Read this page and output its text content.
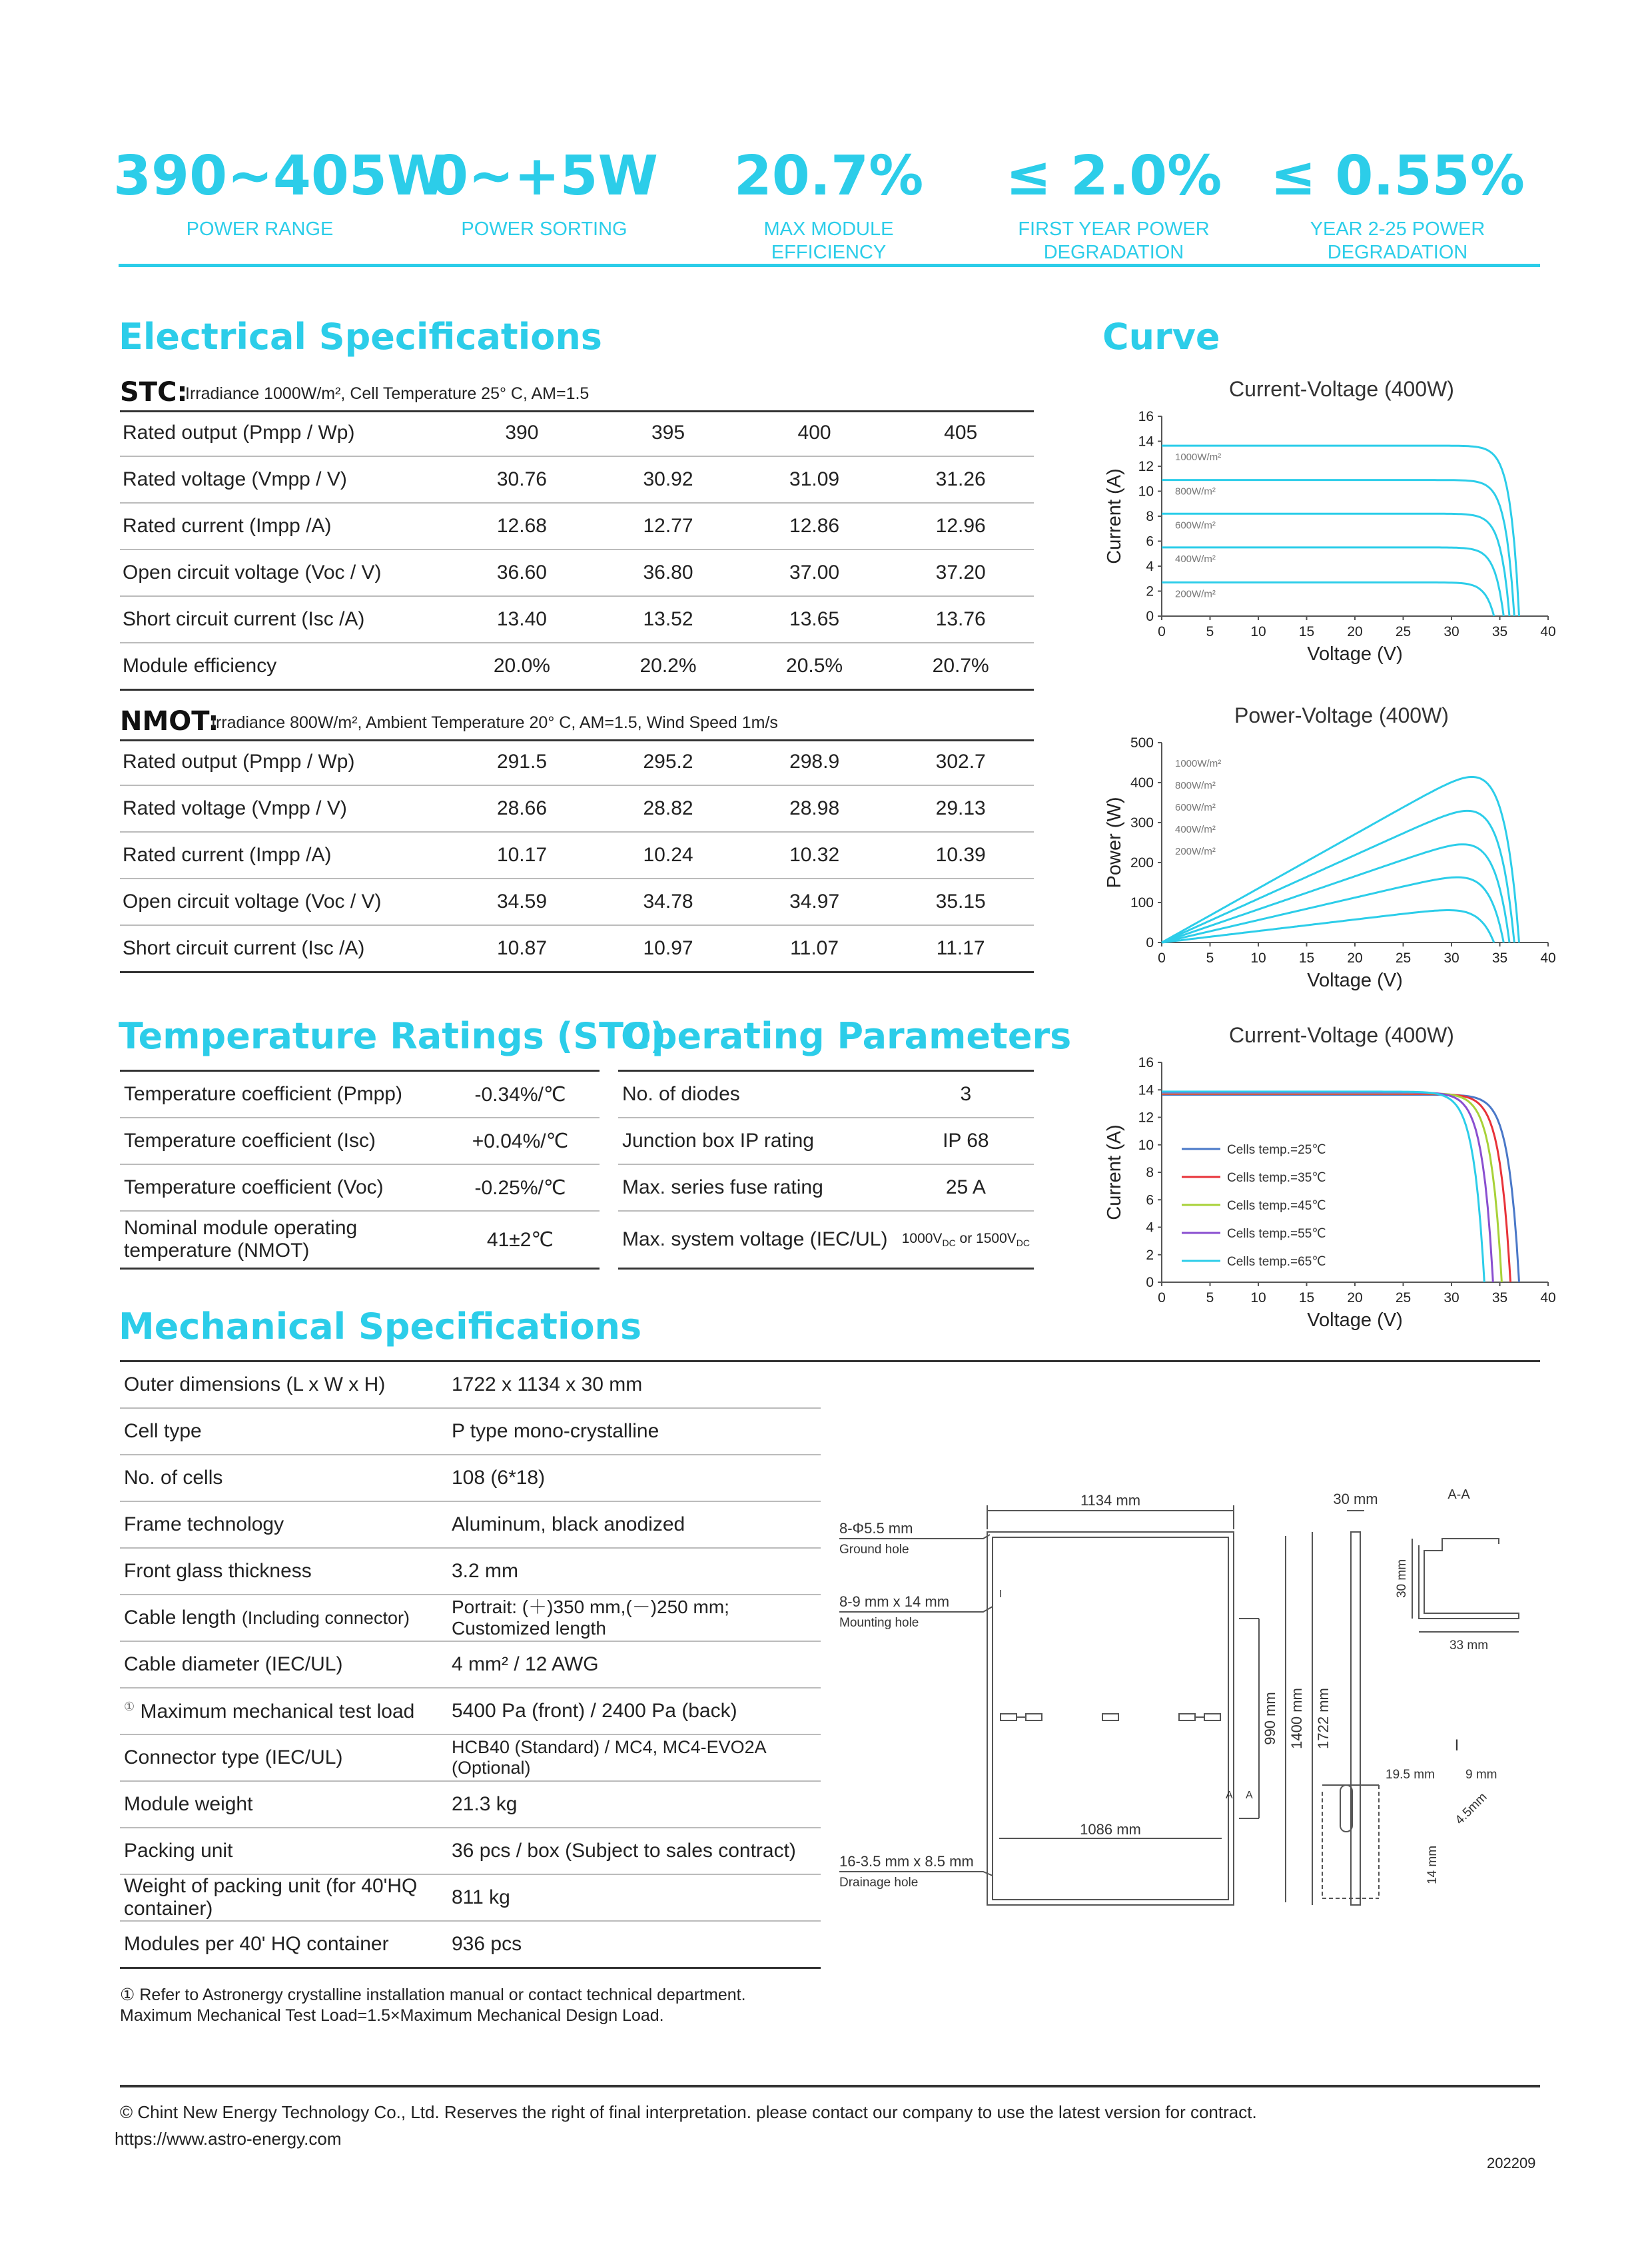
390~405W
POWER RANGE
0~+5W
POWER SORTING
20.7%
MAX MODULE EFFICIENCY
≤ 2.0%
FIRST YEAR POWER DEGRADATION
≤ 0.55%
YEAR 2-25 POWER DEGRADATION
Electrical Specifications
STC:
Irradiance 1000W/m², Cell Temperature 25° C, AM=1.5
Rated output (Pmpp / Wp)	390	395	400	405
Rated voltage (Vmpp / V)	30.76	30.92	31.09	31.26
Rated current (Impp /A)	12.68	12.77	12.86	12.96
Open circuit voltage (Voc / V)	36.60	36.80	37.00	37.20
Short circuit current (Isc /A)	13.40	13.52	13.65	13.76
Module efficiency	20.0%	20.2%	20.5%	20.7%
NMOT:
Irradiance 800W/m², Ambient Temperature 20° C, AM=1.5, Wind Speed 1m/s
Rated output (Pmpp / Wp)	291.5	295.2	298.9	302.7
Rated voltage (Vmpp / V)	28.66	28.82	28.98	29.13
Rated current (Impp /A)	10.17	10.24	10.32	10.39
Open circuit voltage (Voc / V)	34.59	34.78	34.97	35.15
Short circuit current (Isc /A)	10.87	10.97	11.07	11.17
Temperature Ratings (STC)
Operating Parameters
Temperature coefficient (Pmpp)	-0.34%/℃
Temperature coefficient (Isc)	+0.04%/℃
Temperature coefficient (Voc)	-0.25%/℃
Nominal module operating temperature (NMOT)	41±2℃
No. of diodes	3
Junction box IP rating	IP 68
Max. series fuse rating	25 A
Max. system voltage (IEC/UL)	$1000V_{DC}$ or $1500V_{DC}$
Curve
Current-Voltage (400W)
0	5	10 15 20 25 30 35 40
0
2
4
6
8
10
12
14
16
Voltage (V)
Current (A)
1000W/m²
800W/m²
600W/m²
400W/m²
200W/m²
Power-Voltage (400W)
0	5	10 15 20 25 30 35 40
0
100
200
300
400
500
Voltage (V)
Power (W)
1000W/m²
800W/m²
600W/m²
400W/m²
200W/m²
Current-Voltage (400W)
0	5	10 15 20 25 30 35 40
0
2
4
6
8
10
12
14
16
Voltage (V)
Current (A)	Cells temp.=25℃
Cells temp.=35℃
Cells temp.=45℃
Cells temp.=55℃
Cells temp.=65℃
Mechanical Specifications
Outer dimensions (L x W x H)	1722 x 1134 x 30 mm
Cell type	P type mono-crystalline
No. of cells	108 (6*18)
Frame technology	Aluminum, black anodized
Front glass thickness	3.2 mm
Cable length (Including connector)	Portrait: (＋)350 mm,(－)250 mm;
Customized length

Cable diameter (IEC/UL)	4 mm² / 12 AWG
① Maximum mechanical test load	5400 Pa (front) / 2400 Pa (back)
Connector type (IEC/UL)	HCB40 (Standard) / MC4, MC4-EVO2A (Optional)
Module weight	21.3 kg
Packing unit	36 pcs / box (Subject to sales contract)
Weight of packing unit (for 40'HQ container)	811 kg
Modules per 40' HQ container	936 pcs
① Refer to Astronergy crystalline installation manual or contact technical department.
Maximum Mechanical Test Load=1.5×Maximum Mechanical Design Load.
1134 mm	30 mm	A-A
8-Φ5.5 mm
Ground hole
8-9 mm x 14 mm
Mounting hole
16-3.5 mm x 8.5 mm
Drainage hole
1086 mm
990 mm 1400 mm 1722 mm
30 mm
33 mm
I
A A
I
19.5 mm 9 mm
14 mm
4.5mm
© Chint New Energy Technology Co., Ltd. Reserves the right of final interpretation. please contact our company to use the latest version for contract.
https://www.astro-energy.com
202209
